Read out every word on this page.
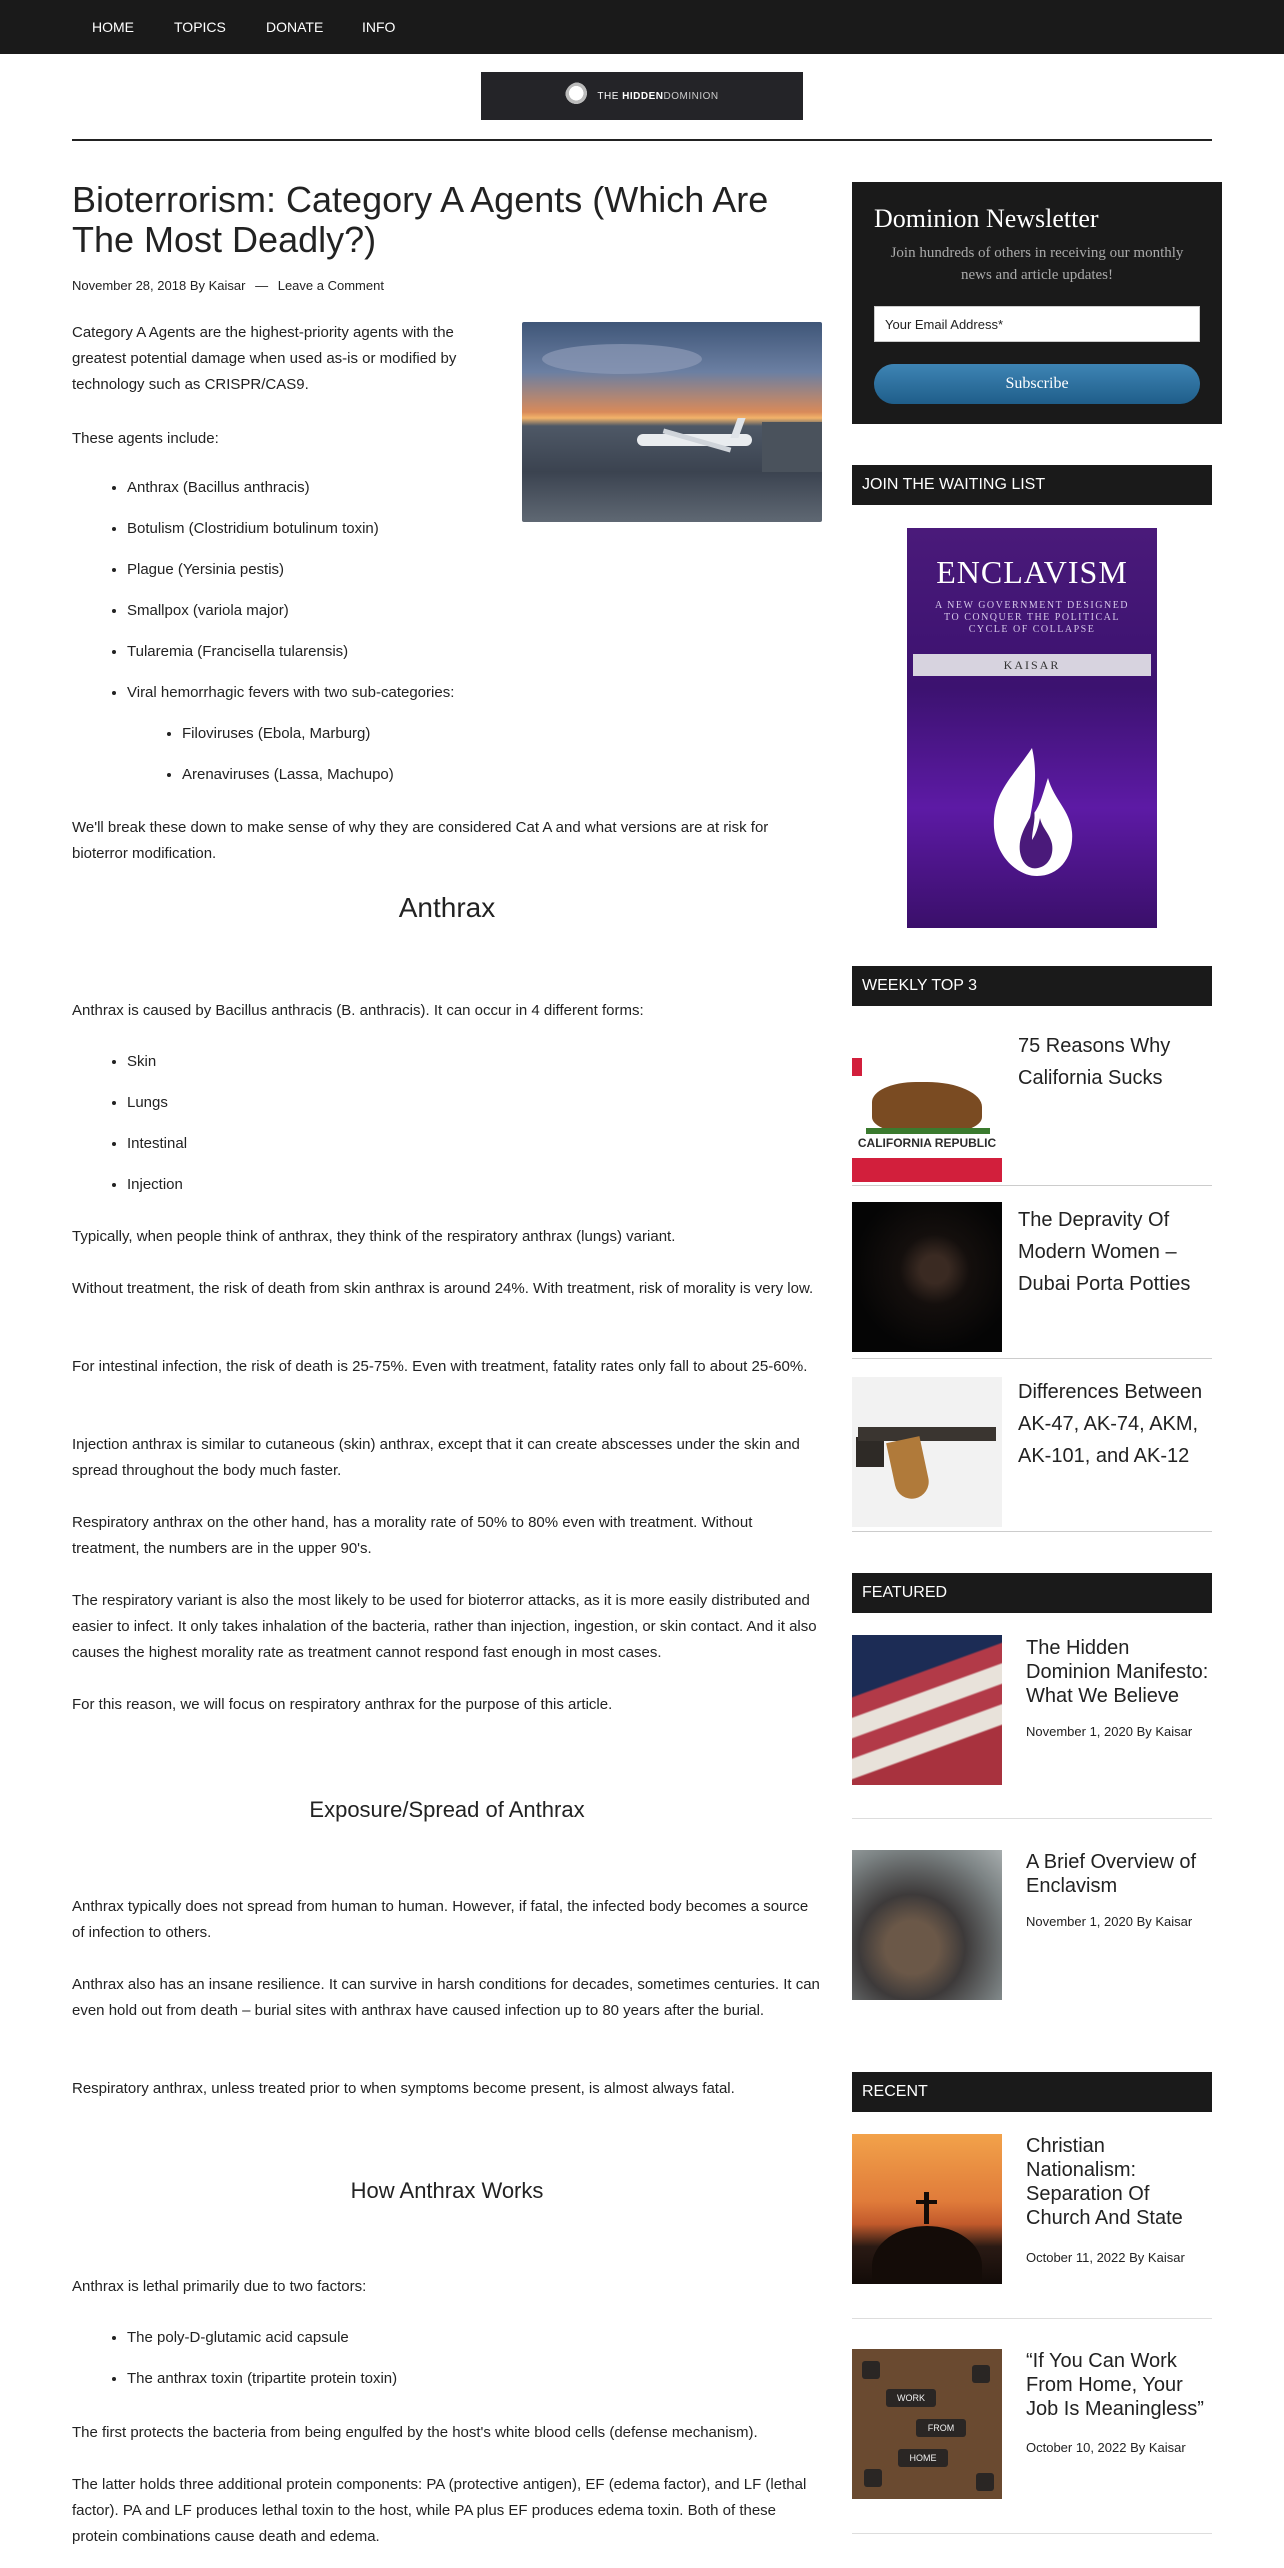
HOME	TOPICS	DONATE	INFO
THE HIDDENDOMINION
Bioterrorism: Category A Agents (Which Are The Most Deadly?)
November 28, 2018 By Kaisar — Leave a Comment

Category A Agents are the highest-priority agents with the greatest potential damage when used as-is or modified by technology such as CRISPR/CAS9.

These agents include:

• Anthrax (Bacillus anthracis)
• Botulism (Clostridium botulinum toxin)
• Plague (Yersinia pestis)
• Smallpox (variola major)
• Tularemia (Francisella tularensis)
• Viral hemorrhagic fevers with two sub-categories:
• Filoviruses (Ebola, Marburg)
• Arenaviruses (Lassa, Machupo)

We'll break these down to make sense of why they are considered Cat A and what versions are at risk for bioterror modification.

Anthrax

Anthrax is caused by Bacillus anthracis (B. anthracis). It can occur in 4 different forms:

• Skin
• Lungs
• Intestinal
• Injection

Typically, when people think of anthrax, they think of the respiratory anthrax (lungs) variant.

Without treatment, the risk of death from skin anthrax is around 24%. With treatment, risk of morality is very low.

For intestinal infection, the risk of death is 25-75%. Even with treatment, fatality rates only fall to about 25-60%.

Injection anthrax is similar to cutaneous (skin) anthrax, except that it can create abscesses under the skin and spread throughout the body much faster.

Respiratory anthrax on the other hand, has a morality rate of 50% to 80% even with treatment. Without treatment, the numbers are in the upper 90's.

The respiratory variant is also the most likely to be used for bioterror attacks, as it is more easily distributed and easier to infect. It only takes inhalation of the bacteria, rather than injection, ingestion, or skin contact. And it also causes the highest morality rate as treatment cannot respond fast enough in most cases.

For this reason, we will focus on respiratory anthrax for the purpose of this article.

Exposure/Spread of Anthrax

Anthrax typically does not spread from human to human. However, if fatal, the infected body becomes a source of infection to others.

Anthrax also has an insane resilience. It can survive in harsh conditions for decades, sometimes centuries. It can even hold out from death – burial sites with anthrax have caused infection up to 80 years after the burial.

Respiratory anthrax, unless treated prior to when symptoms become present, is almost always fatal.

How Anthrax Works

Anthrax is lethal primarily due to two factors:

• The poly-D-glutamic acid capsule
• The anthrax toxin (tripartite protein toxin)

The first protects the bacteria from being engulfed by the host's white blood cells (defense mechanism).

The latter holds three additional protein components: PA (protective antigen), EF (edema factor), and LF (lethal factor). PA and LF produces lethal toxin to the host, while PA plus EF produces edema toxin. Both of these protein combinations cause death and edema.

Dominion Newsletter
Join hundreds of others in receiving our monthly news and article updates!
Your Email Address*
Subscribe
JOIN THE WAITING LIST
ENCLAVISM
A NEW GOVERNMENT DESIGNED TO CONQUER THE POLITICAL CYCLE OF COLLAPSE
KAISAR
WEEKLY TOP 3
CALIFORNIA REPUBLIC
75 Reasons Why California Sucks
The Depravity Of Modern Women – Dubai Porta Potties
Differences Between AK-47, AK-74, AKM, AK-101, and AK-12
FEATURED
The Hidden Dominion Manifesto: What We Believe
November 1, 2020 By Kaisar
A Brief Overview of Enclavism
November 1, 2020 By Kaisar
RECENT
Christian Nationalism: Separation Of Church And State
October 11, 2022 By Kaisar
WORK
FROM
HOME
“If You Can Work From Home, Your Job Is Meaningless”
October 10, 2022 By Kaisar
